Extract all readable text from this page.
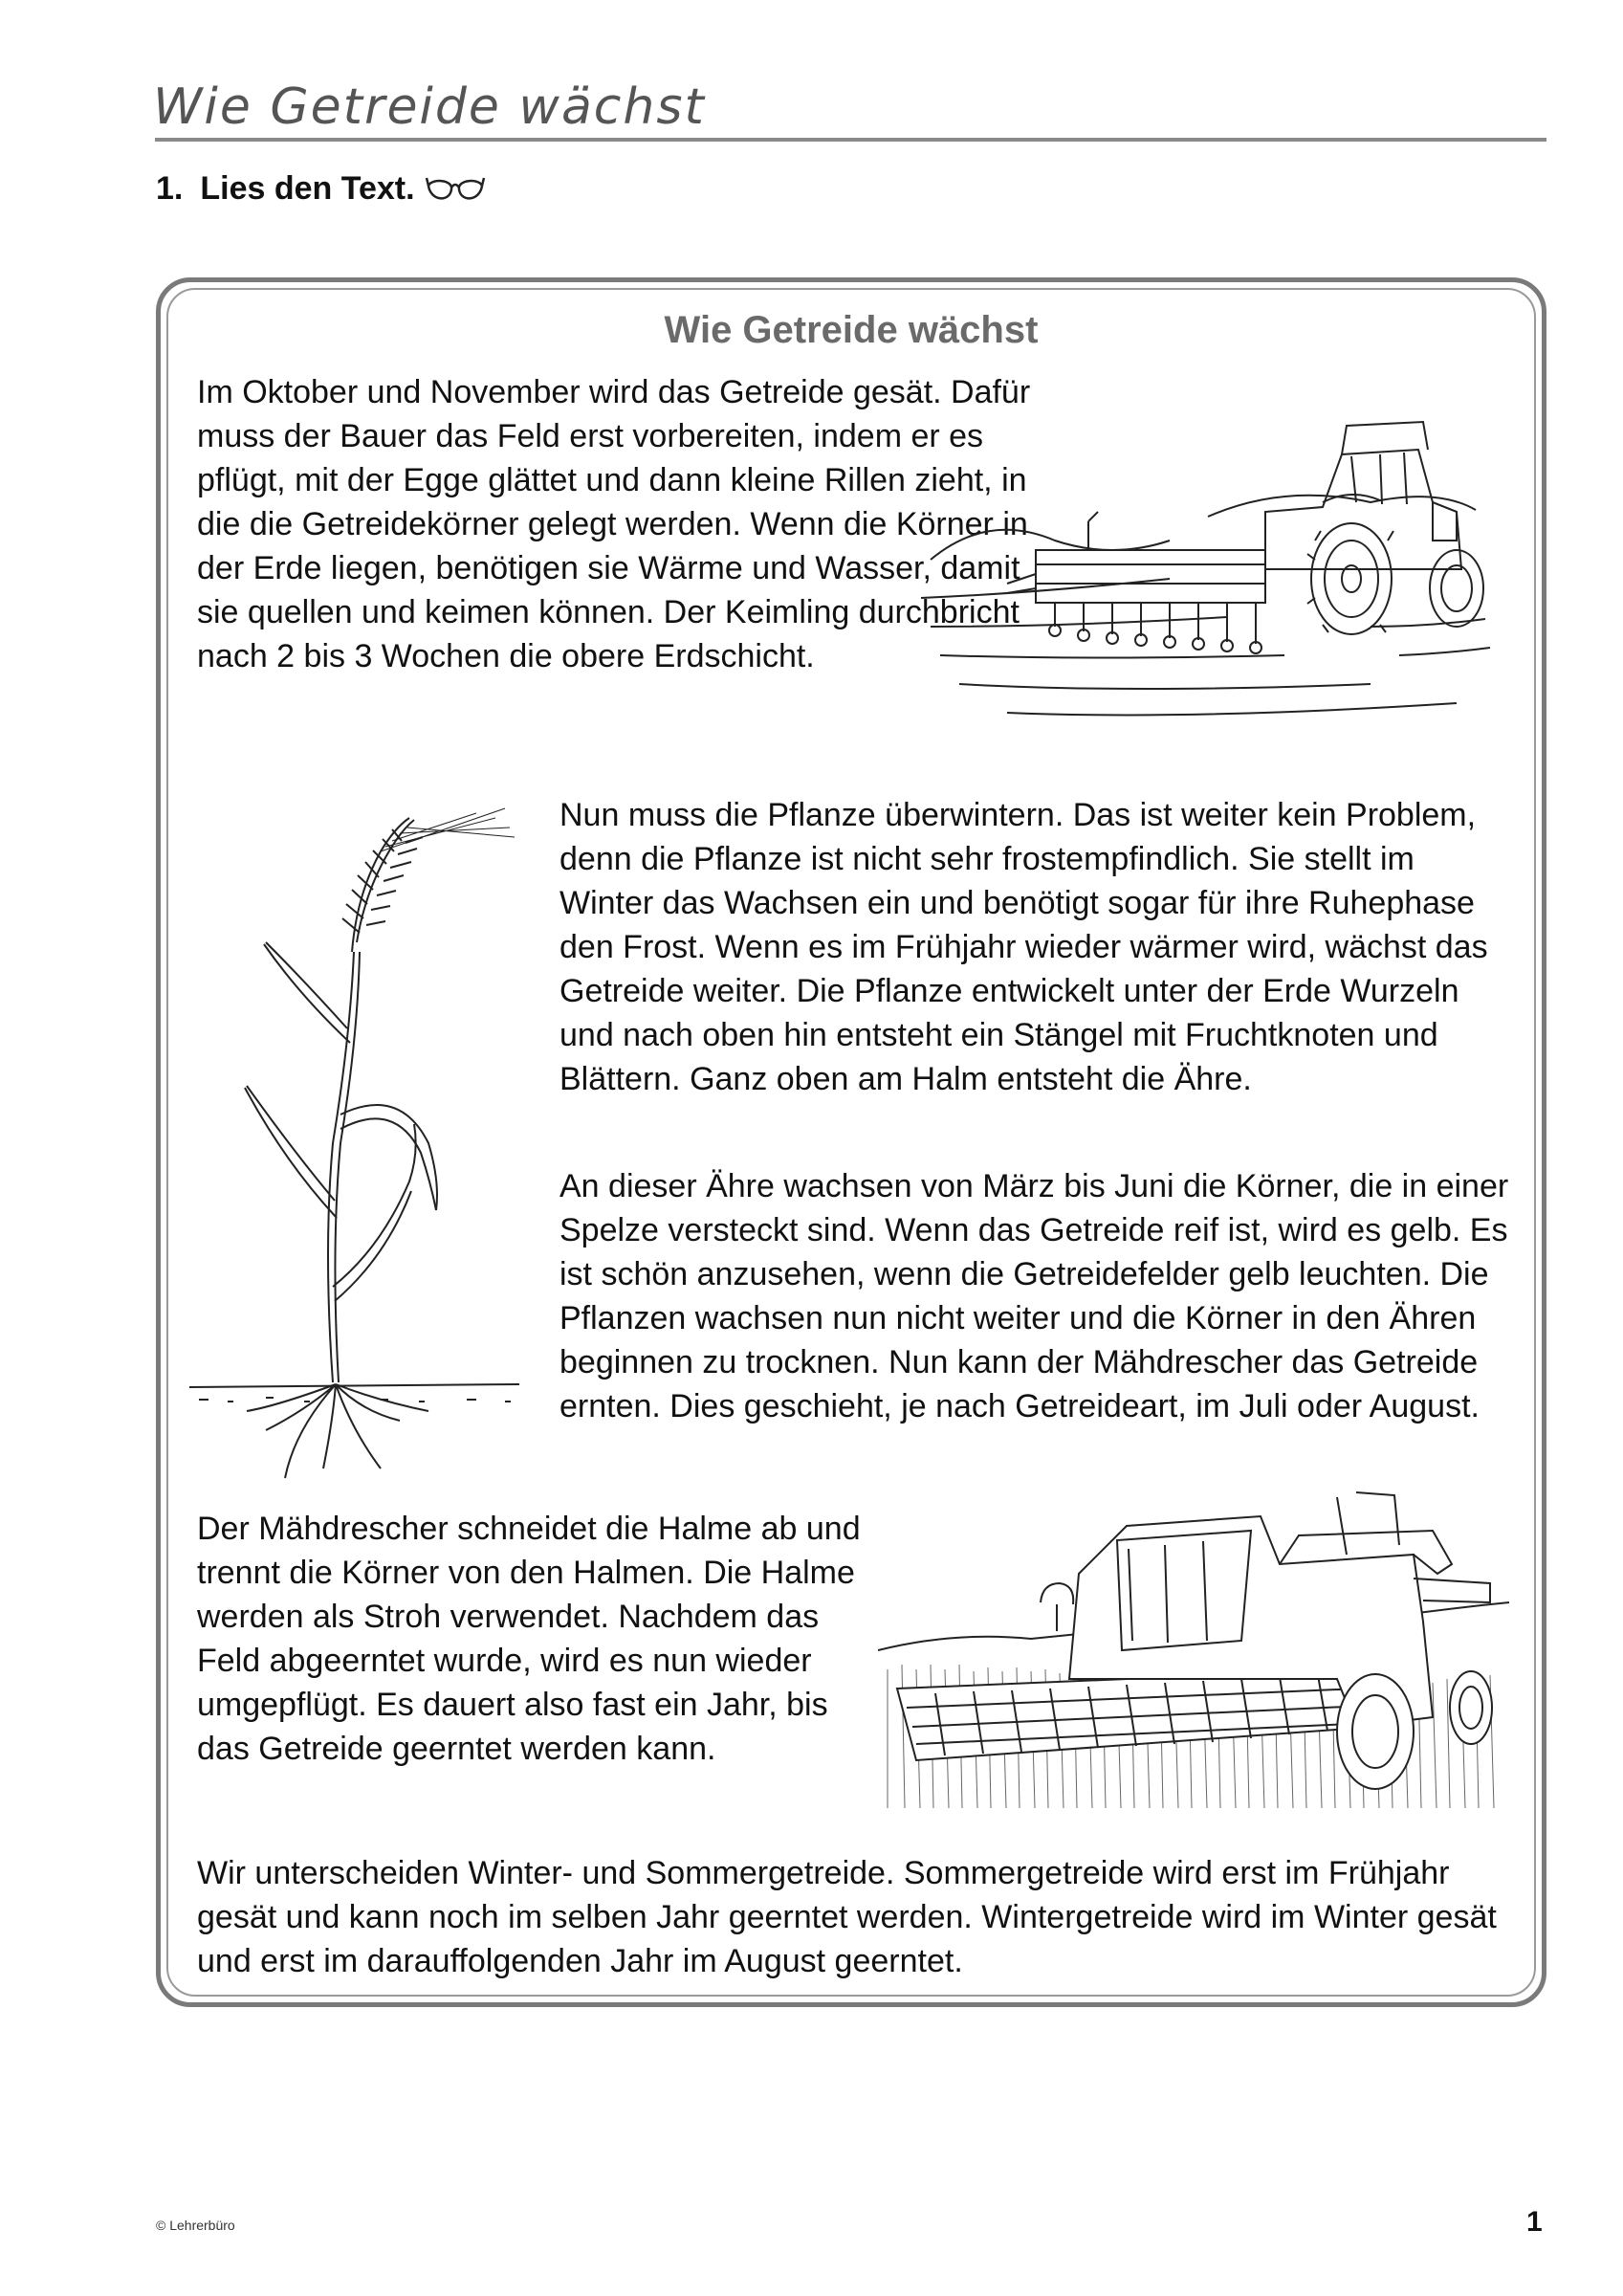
Wie Getreide wächst
1. Lies den Text.
Wie Getreide wächst

Im Oktober und November wird das Getreide gesät. Dafür muss der Bauer das Feld erst vorbereiten, indem er es pflügt, mit der Egge glättet und dann kleine Rillen zieht, in die die Getreidekörner gelegt werden. Wenn die Körner in der Erde liegen, benötigen sie Wärme und Wasser, damit sie quellen und keimen können. Der Keimling durchbricht nach 2 bis 3 Wochen die obere Erdschicht.

Nun muss die Pflanze überwintern. Das ist weiter kein Problem, denn die Pflanze ist nicht sehr frostempfindlich. Sie stellt im Winter das Wachsen ein und benötigt sogar für ihre Ruhephase den Frost. Wenn es im Frühjahr wieder wärmer wird, wächst das Getreide weiter. Die Pflanze entwickelt unter der Erde Wurzeln und nach oben hin entsteht ein Stängel mit Fruchtknoten und Blättern. Ganz oben am Halm entsteht die Ähre.

An dieser Ähre wachsen von März bis Juni die Körner, die in einer Spelze versteckt sind. Wenn das Getreide reif ist, wird es gelb. Es ist schön anzusehen, wenn die Getreidefelder gelb leuchten. Die Pflanzen wachsen nun nicht weiter und die Körner in den Ähren beginnen zu trocknen. Nun kann der Mähdrescher das Getreide ernten. Dies geschieht, je nach Getreideart, im Juli oder August.

Der Mähdrescher schneidet die Halme ab und trennt die Körner von den Halmen. Die Halme werden als Stroh verwendet. Nachdem das Feld abgeerntet wurde, wird es nun wieder umgepflügt. Es dauert also fast ein Jahr, bis das Getreide geerntet werden kann.

Wir unterscheiden Winter- und Sommergetreide. Sommergetreide wird erst im Frühjahr gesät und kann noch im selben Jahr geerntet werden. Wintergetreide wird im Winter gesät und erst im darauffolgenden Jahr im August geerntet.

© Lehrerbüro	1
